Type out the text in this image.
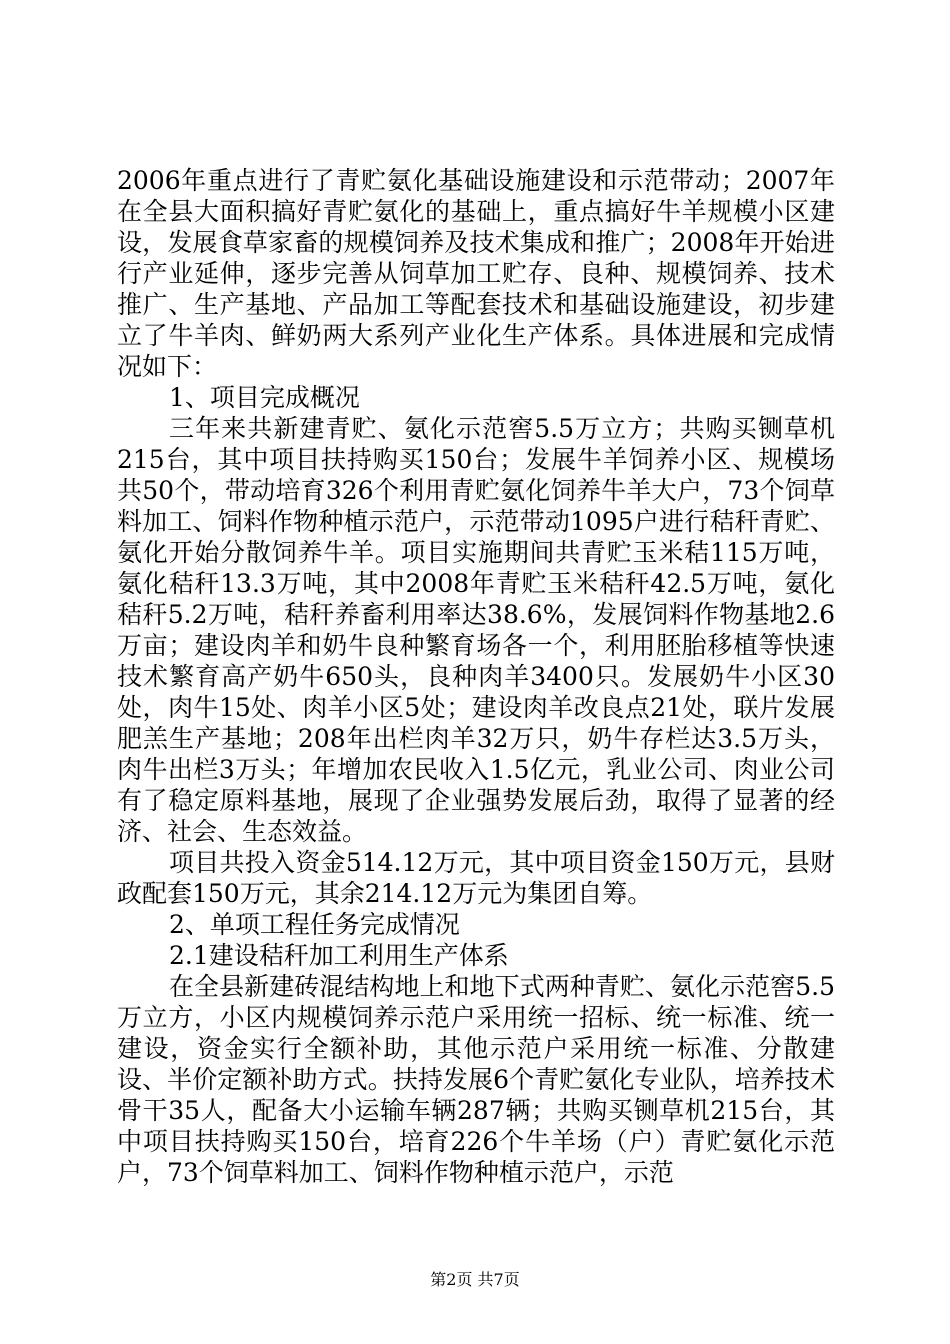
2006年重点进行了青贮氨化基础设施建设和示范带动；2007年在全县大面积搞好青贮氨化的基础上，重点搞好牛羊规模小区建设，发展食草家畜的规模饲养及技术集成和推广；2008年开始进行产业延伸，逐步完善从饲草加工贮存、良种、规模饲养、技术推广、生产基地、产品加工等配套技术和基础设施建设，初步建立了牛羊肉、鲜奶两大系列产业化生产体系。具体进展和完成情况如下：

1、项目完成概况

三年来共新建青贮、氨化示范窖5.5万立方；共购买铡草机215台，其中项目扶持购买150台；发展牛羊饲养小区、规模场共50个，带动培育326个利用青贮氨化饲养牛羊大户，73个饲草料加工、饲料作物种植示范户，示范带动1095户进行秸秆青贮、氨化开始分散饲养牛羊。项目实施期间共青贮玉米秸115万吨，氨化秸秆13.3万吨，其中2008年青贮玉米秸秆42.5万吨，氨化秸秆5.2万吨，秸秆养畜利用率达38.6%，发展饲料作物基地2.6万亩；建设肉羊和奶牛良种繁育场各一个，利用胚胎移植等快速技术繁育高产奶牛650头，良种肉羊3400只。发展奶牛小区30处，肉牛15处、肉羊小区5处；建设肉羊改良点21处，联片发展肥羔生产基地；208年出栏肉羊32万只，奶牛存栏达3.5万头，肉牛出栏3万头；年增加农民收入1.5亿元，乳业公司、肉业公司有了稳定原料基地，展现了企业强势发展后劲，取得了显著的经济、社会、生态效益。

项目共投入资金514.12万元，其中项目资金150万元，县财政配套150万元，其余214.12万元为集团自筹。

2、单项工程任务完成情况

2.1建设秸秆加工利用生产体系

在全县新建砖混结构地上和地下式两种青贮、氨化示范窖5.5万立方，小区内规模饲养示范户采用统一招标、统一标准、统一建设，资金实行全额补助，其他示范户采用统一标准、分散建设、半价定额补助方式。扶持发展6个青贮氨化专业队，培养技术骨干35人，配备大小运输车辆287辆；共购买铡草机215台，其中项目扶持购买150台，培育226个牛羊场（户）青贮氨化示范户，73个饲草料加工、饲料作物种植示范户，示范

第2页 共7页
